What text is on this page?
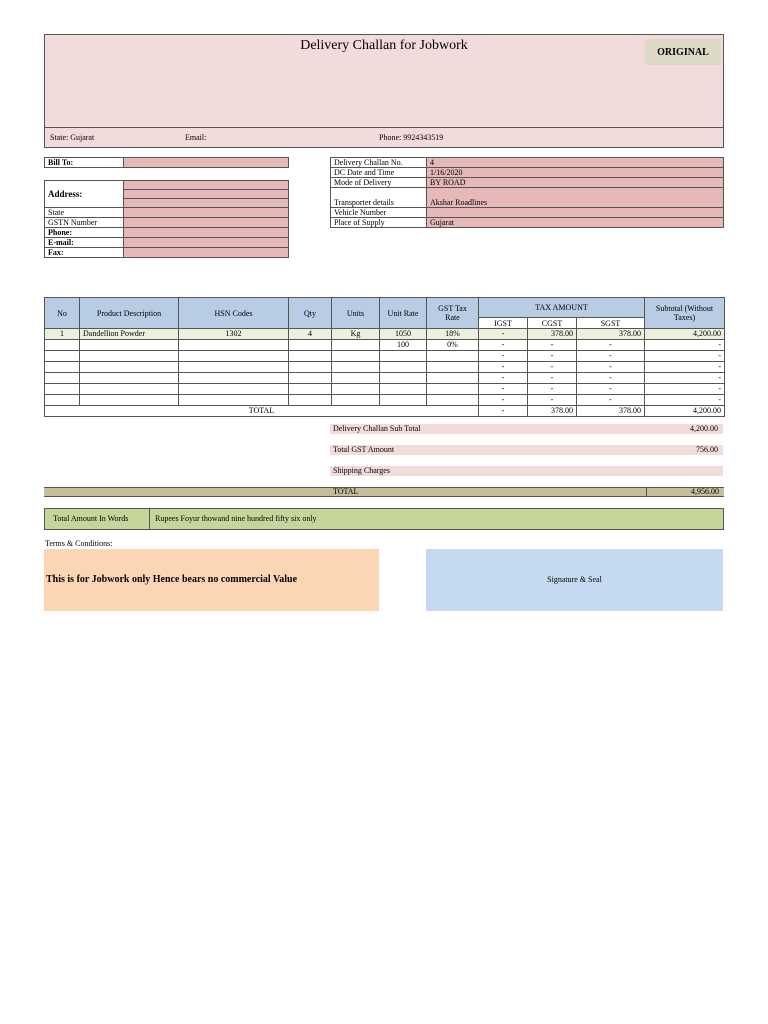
Delivery Challan for Jobwork	ORIGINAL
State: Gujarat	Email:	Phone: 9924343519
Bill To:	
Address:	

State	
GSTN Number	
Phone:	
E-mail:	
Fax:	
Delivery Challan No.	4
DC Date and Time	1/16/2020
Mode of Delivery	BY ROAD
Transporter details	Akshar Roadlines
Vehicle Number	
Place of Supply	Gujarat
No	Product Description	HSN Codes	Qty	Units	Unit Rate	GST Tax Rate	TAX AMOUNT			Subtotal (Without Taxes)
							IGST	CGST	SGST	
1	Dandellion Powder	1302	4	Kg	1050	18%	-	378.00	378.00	4,200.00
					100	0%	-	-	-	-
							-	-	-	-
							-	-	-	-
							-	-	-	-
							-	-	-	-
							-	-	-	-
TOTAL							-	378.00	378.00	4,200.00
Delivery Challan Sub Total	4,200.00
Total GST Amount	756.00
Shipping Charges
TOTAL	4,956.00
Total Amount In Words	Rupees Foyur thowand nine hundred fifty six only
Terms & Conditions:
This is for Jobwork only Hence bears no commercial Value	Signature & Seal
